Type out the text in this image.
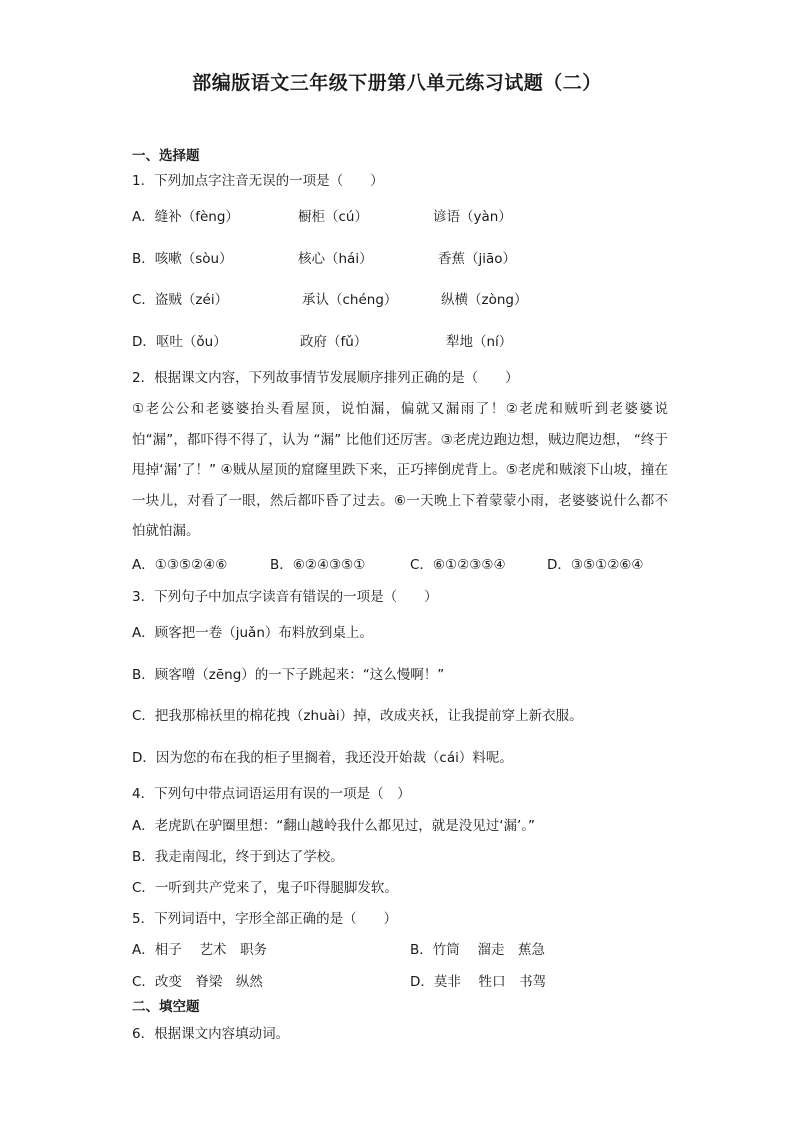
部编版语文三年级下册第八单元练习试题（二）
一、选择题
1．下列加点字注音无误的一项是（　　）
A．缝补（fèng）	橱柜（cú）	谚语（yàn）
B．咳嗽（sòu）	核心（hái）	香蕉（jiāo）
C．盗贼（zéi）	承认（chéng）	纵横（zòng）
D．呕吐（ǒu）	政府（fǔ）	犁地（ní）
2．根据课文内容，下列故事情节发展顺序排列正确的是（　　）
①老公公和老婆婆抬头看屋顶，说怕漏，偏就又漏雨了！②老虎和贼听到老婆婆说怕“漏”，都吓得不得了，认为 “漏” 比他们还厉害。③老虎边跑边想，贼边爬边想， “终于甩掉‘漏’了！” ④贼从屋顶的窟窿里跌下来，正巧摔倒虎背上。⑤老虎和贼滚下山坡，撞在一块儿，对看了一眼，然后都吓昏了过去。⑥一天晚上下着蒙蒙小雨，老婆婆说什么都不怕就怕漏。
A．①③⑤②④⑥	B．⑥②④③⑤①	C．⑥①②③⑤④	D．③⑤①②⑥④
3．下列句子中加点字读音有错误的一项是（　　）
A．顾客把一卷（juǎn）布料放到桌上。
B．顾客噌（zēng）的一下子跳起来：“这么慢啊！”
C．把我那棉袄里的棉花拽（zhuài）掉，改成夹袄，让我提前穿上新衣服。
D．因为您的布在我的柜子里搁着，我还没开始裁（cái）料呢。
4．下列句中带点词语运用有误的一项是（　）
A．老虎趴在驴圈里想：“翻山越岭我什么都见过，就是没见过‘漏’。”
B．我走南闯北，终于到达了学校。
C．一听到共产党来了，鬼子吓得腿脚发软。
5．下列词语中，字形全部正确的是（　　）
A．相子　 艺术　职务	B．竹筒　 溜走　蕉急
C．改变　脊梁　纵然	D．莫非　 牲口　书驾
二、填空题
6．根据课文内容填动词。
